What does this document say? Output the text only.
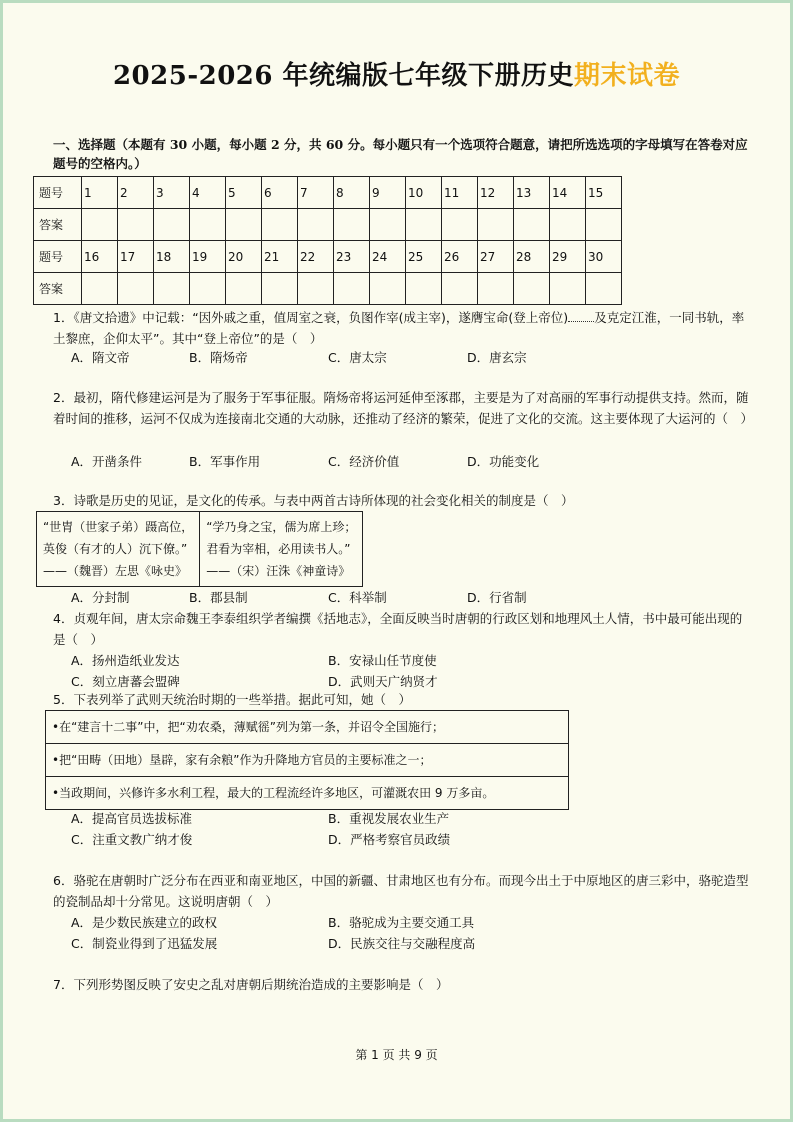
2025-2026 年统编版七年级下册历史期末试卷
一、选择题（本题有 30 小题，每小题 2 分，共 60 分。每小题只有一个选项符合题意，请把所选选项的字母填写在答卷对应题号的空格内。）
题号	1	2	3	4	5	6	7	8	9	10	11	12	13	14	15
答案															
题号	16	17	18	19	20	21	22	23	24	25	26	27	28	29	30
答案															
1．《唐文拾遗》中记载：“因外戚之重，值周室之衰，负图作宰(成主宰)，遂膺宝命(登上帝位) 及克定江淮，一同书轨，率土黎庶，企仰太平”。其中“登上帝位”的是（　）
A．隋文帝	B．隋炀帝	C．唐太宗	D．唐玄宗
2．最初，隋代修建运河是为了服务于军事征服。隋炀帝将运河延伸至涿郡，主要是为了对高丽的军事行动提供支持。然而，随着时间的推移，运河不仅成为连接南北交通的大动脉，还推动了经济的繁荣，促进了文化的交流。这主要体现了大运河的（　）
A．开凿条件	B．军事作用	C．经济价值	D．功能变化
3．诗歌是历史的见证，是文化的传承。与表中两首古诗所体现的社会变化相关的制度是（　）
“世胄（世家子弟）蹑高位，
英俊（有才的人）沉下僚。”
——（魏晋）左思《咏史》
“学乃身之宝，儒为席上珍；
君看为宰相，必用读书人。”
——（宋）汪洙《神童诗》
A．分封制	B．郡县制	C．科举制	D．行省制
4．贞观年间，唐太宗命魏王李泰组织学者编撰《括地志》，全面反映当时唐朝的行政区划和地理风土人情，书中最可能出现的是（　）
A．扬州造纸业发达	B．安禄山任节度使
C．刻立唐蕃会盟碑	D．武则天广纳贤才
5．下表列举了武则天统治时期的一些举措。据此可知，她（　）
•在“建言十二事”中，把“劝农桑，薄赋徭”列为第一条，并诏令全国施行；
•把“田畴（田地）垦辟，家有余粮”作为升降地方官员的主要标准之一；
•当政期间，兴修许多水利工程，最大的工程流经许多地区，可灌溉农田 9 万多亩。
A．提高官员选拔标准	B．重视发展农业生产
C．注重文教广纳才俊	D．严格考察官员政绩
6．骆驼在唐朝时广泛分布在西亚和南亚地区，中国的新疆、甘肃地区也有分布。而现今出土于中原地区的唐三彩中，骆驼造型的瓷制品却十分常见。这说明唐朝（　）
A．是少数民族建立的政权	B．骆驼成为主要交通工具
C．制瓷业得到了迅猛发展	D．民族交往与交融程度高
7．下列形势图反映了安史之乱对唐朝后期统治造成的主要影响是（　）
第 1 页 共 9 页
